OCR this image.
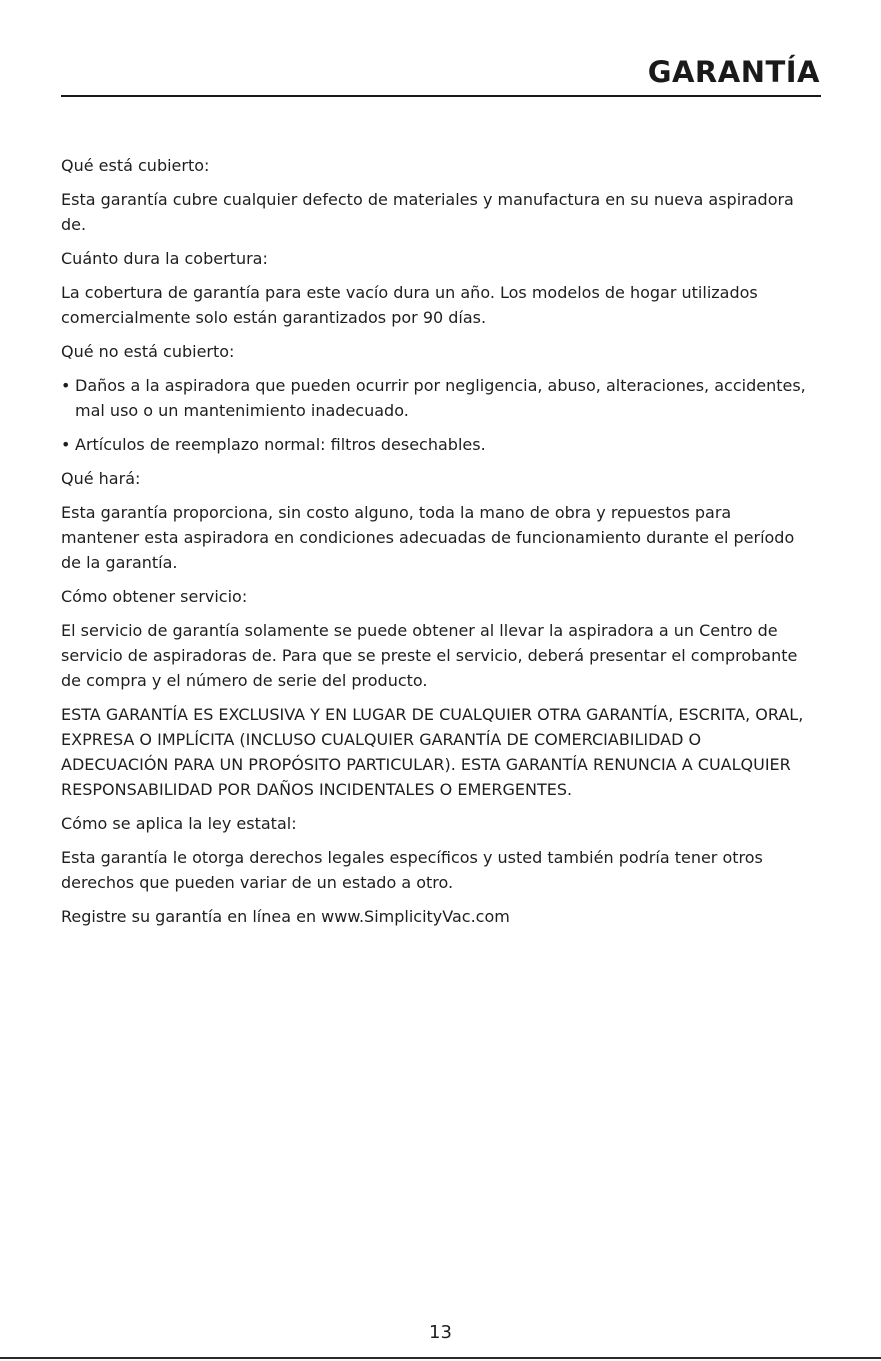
GARANTÍA

Qué está cubierto:

Esta garantía cubre cualquier defecto de materiales y manufactura en su nueva aspiradora de.

Cuánto dura la cobertura:

La cobertura de garantía para este vacío dura un año. Los modelos de hogar utilizados comercialmente solo están garantizados por 90 días.

Qué no está cubierto:

• Daños a la aspiradora que pueden ocurrir por negligencia, abuso, alteraciones, accidentes, mal uso o un mantenimiento inadecuado.

• Artículos de reemplazo normal: filtros desechables.

Qué hará:

Esta garantía proporciona, sin costo alguno, toda la mano de obra y repuestos para mantener esta aspiradora en condiciones adecuadas de funcionamiento durante el período de la garantía.

Cómo obtener servicio:

El servicio de garantía solamente se puede obtener al llevar la aspiradora a un Centro de servicio de aspiradoras de. Para que se preste el servicio, deberá presentar el comprobante de compra y el número de serie del producto.

ESTA GARANTÍA ES EXCLUSIVA Y EN LUGAR DE CUALQUIER OTRA GARANTÍA, ESCRITA, ORAL, EXPRESA O IMPLÍCITA (INCLUSO CUALQUIER GARANTÍA DE COMERCIABILIDAD O ADECUACIÓN PARA UN PROPÓSITO PARTICULAR). ESTA GARANTÍA RENUNCIA A CUALQUIER RESPONSABILIDAD POR DAÑOS INCIDENTALES O EMERGENTES.

Cómo se aplica la ley estatal:

Esta garantía le otorga derechos legales específicos y usted también podría tener otros derechos que pueden variar de un estado a otro.

Registre su garantía en línea en www.SimplicityVac.com

13
